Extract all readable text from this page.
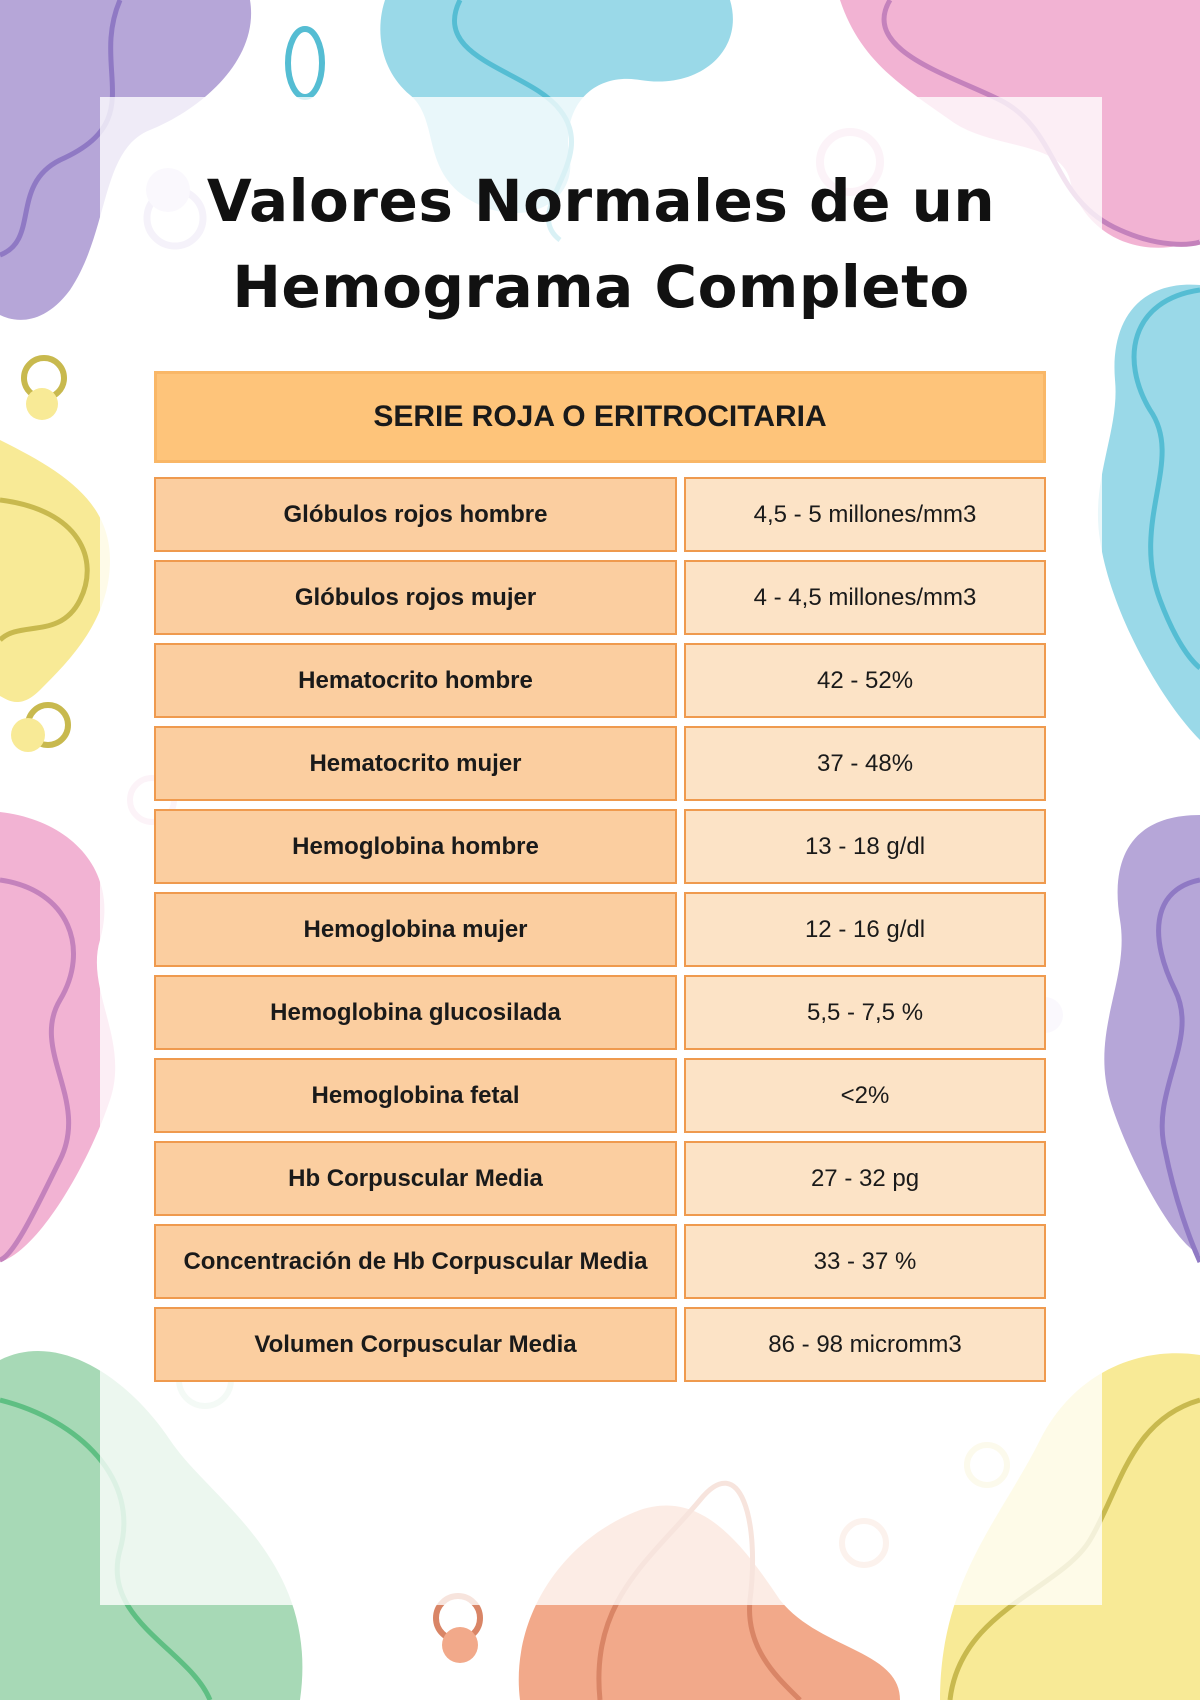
Valores Normales de un
Hemograma Completo
SERIE ROJA O ERITROCITARIA
Glóbulos rojos hombre	4,5 - 5 millones/mm3
Glóbulos rojos mujer	4 - 4,5 millones/mm3
Hematocrito hombre	42 - 52%
Hematocrito mujer	37 - 48%
Hemoglobina hombre	13 - 18 g/dl
Hemoglobina mujer	12 - 16 g/dl
Hemoglobina glucosilada	5,5 - 7,5 %
Hemoglobina fetal	<2%
Hb Corpuscular Media	27 - 32 pg
Concentración de Hb Corpuscular Media	33 - 37 %
Volumen Corpuscular Media	86 - 98 micromm3
